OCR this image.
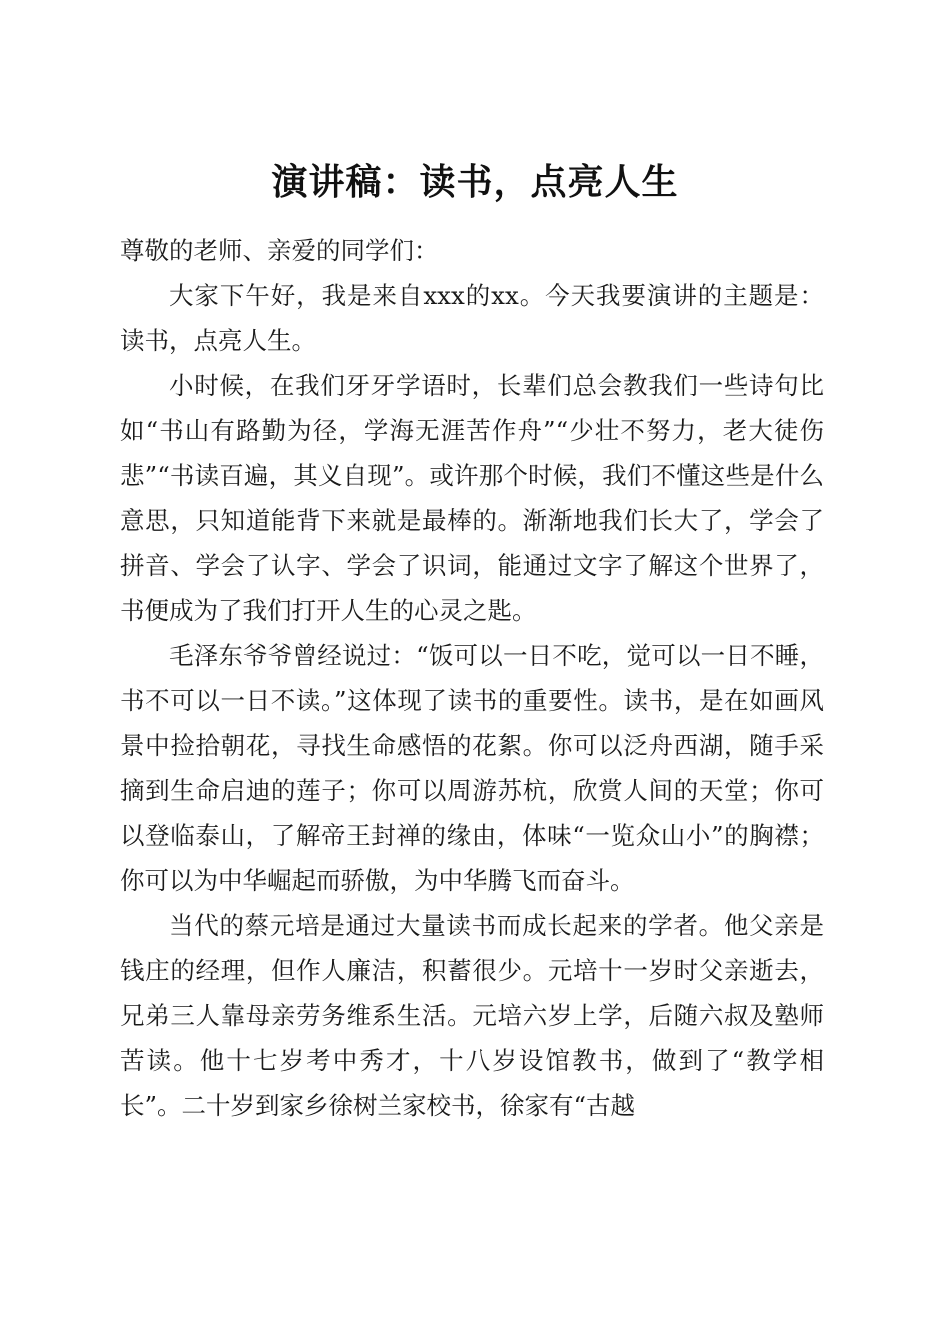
演讲稿：读书，点亮人生

尊敬的老师、亲爱的同学们：

大家下午好，我是来自xxx的xx。今天我要演讲的主题是：读书，点亮人生。

小时候，在我们牙牙学语时，长辈们总会教我们一些诗句比如“书山有路勤为径，学海无涯苦作舟”“少壮不努力，老大徒伤悲”“书读百遍，其义自现”。或许那个时候，我们不懂这些是什么意思，只知道能背下来就是最棒的。渐渐地我们长大了，学会了拼音、学会了认字、学会了识词，能通过文字了解这个世界了，书便成为了我们打开人生的心灵之匙。

毛泽东爷爷曾经说过：“饭可以一日不吃，觉可以一日不睡，书不可以一日不读。”这体现了读书的重要性。读书，是在如画风景中捡拾朝花，寻找生命感悟的花絮。你可以泛舟西湖，随手采摘到生命启迪的莲子；你可以周游苏杭，欣赏人间的天堂；你可以登临泰山，了解帝王封禅的缘由，体味“一览众山小”的胸襟；你可以为中华崛起而骄傲，为中华腾飞而奋斗。

当代的蔡元培是通过大量读书而成长起来的学者。他父亲是钱庄的经理，但作人廉洁，积蓄很少。元培十一岁时父亲逝去，兄弟三人靠母亲劳务维系生活。元培六岁上学，后随六叔及塾师苦读。他十七岁考中秀才，十八岁设馆教书，做到了“教学相长”。二十岁到家乡徐树兰家校书，徐家有“古越
